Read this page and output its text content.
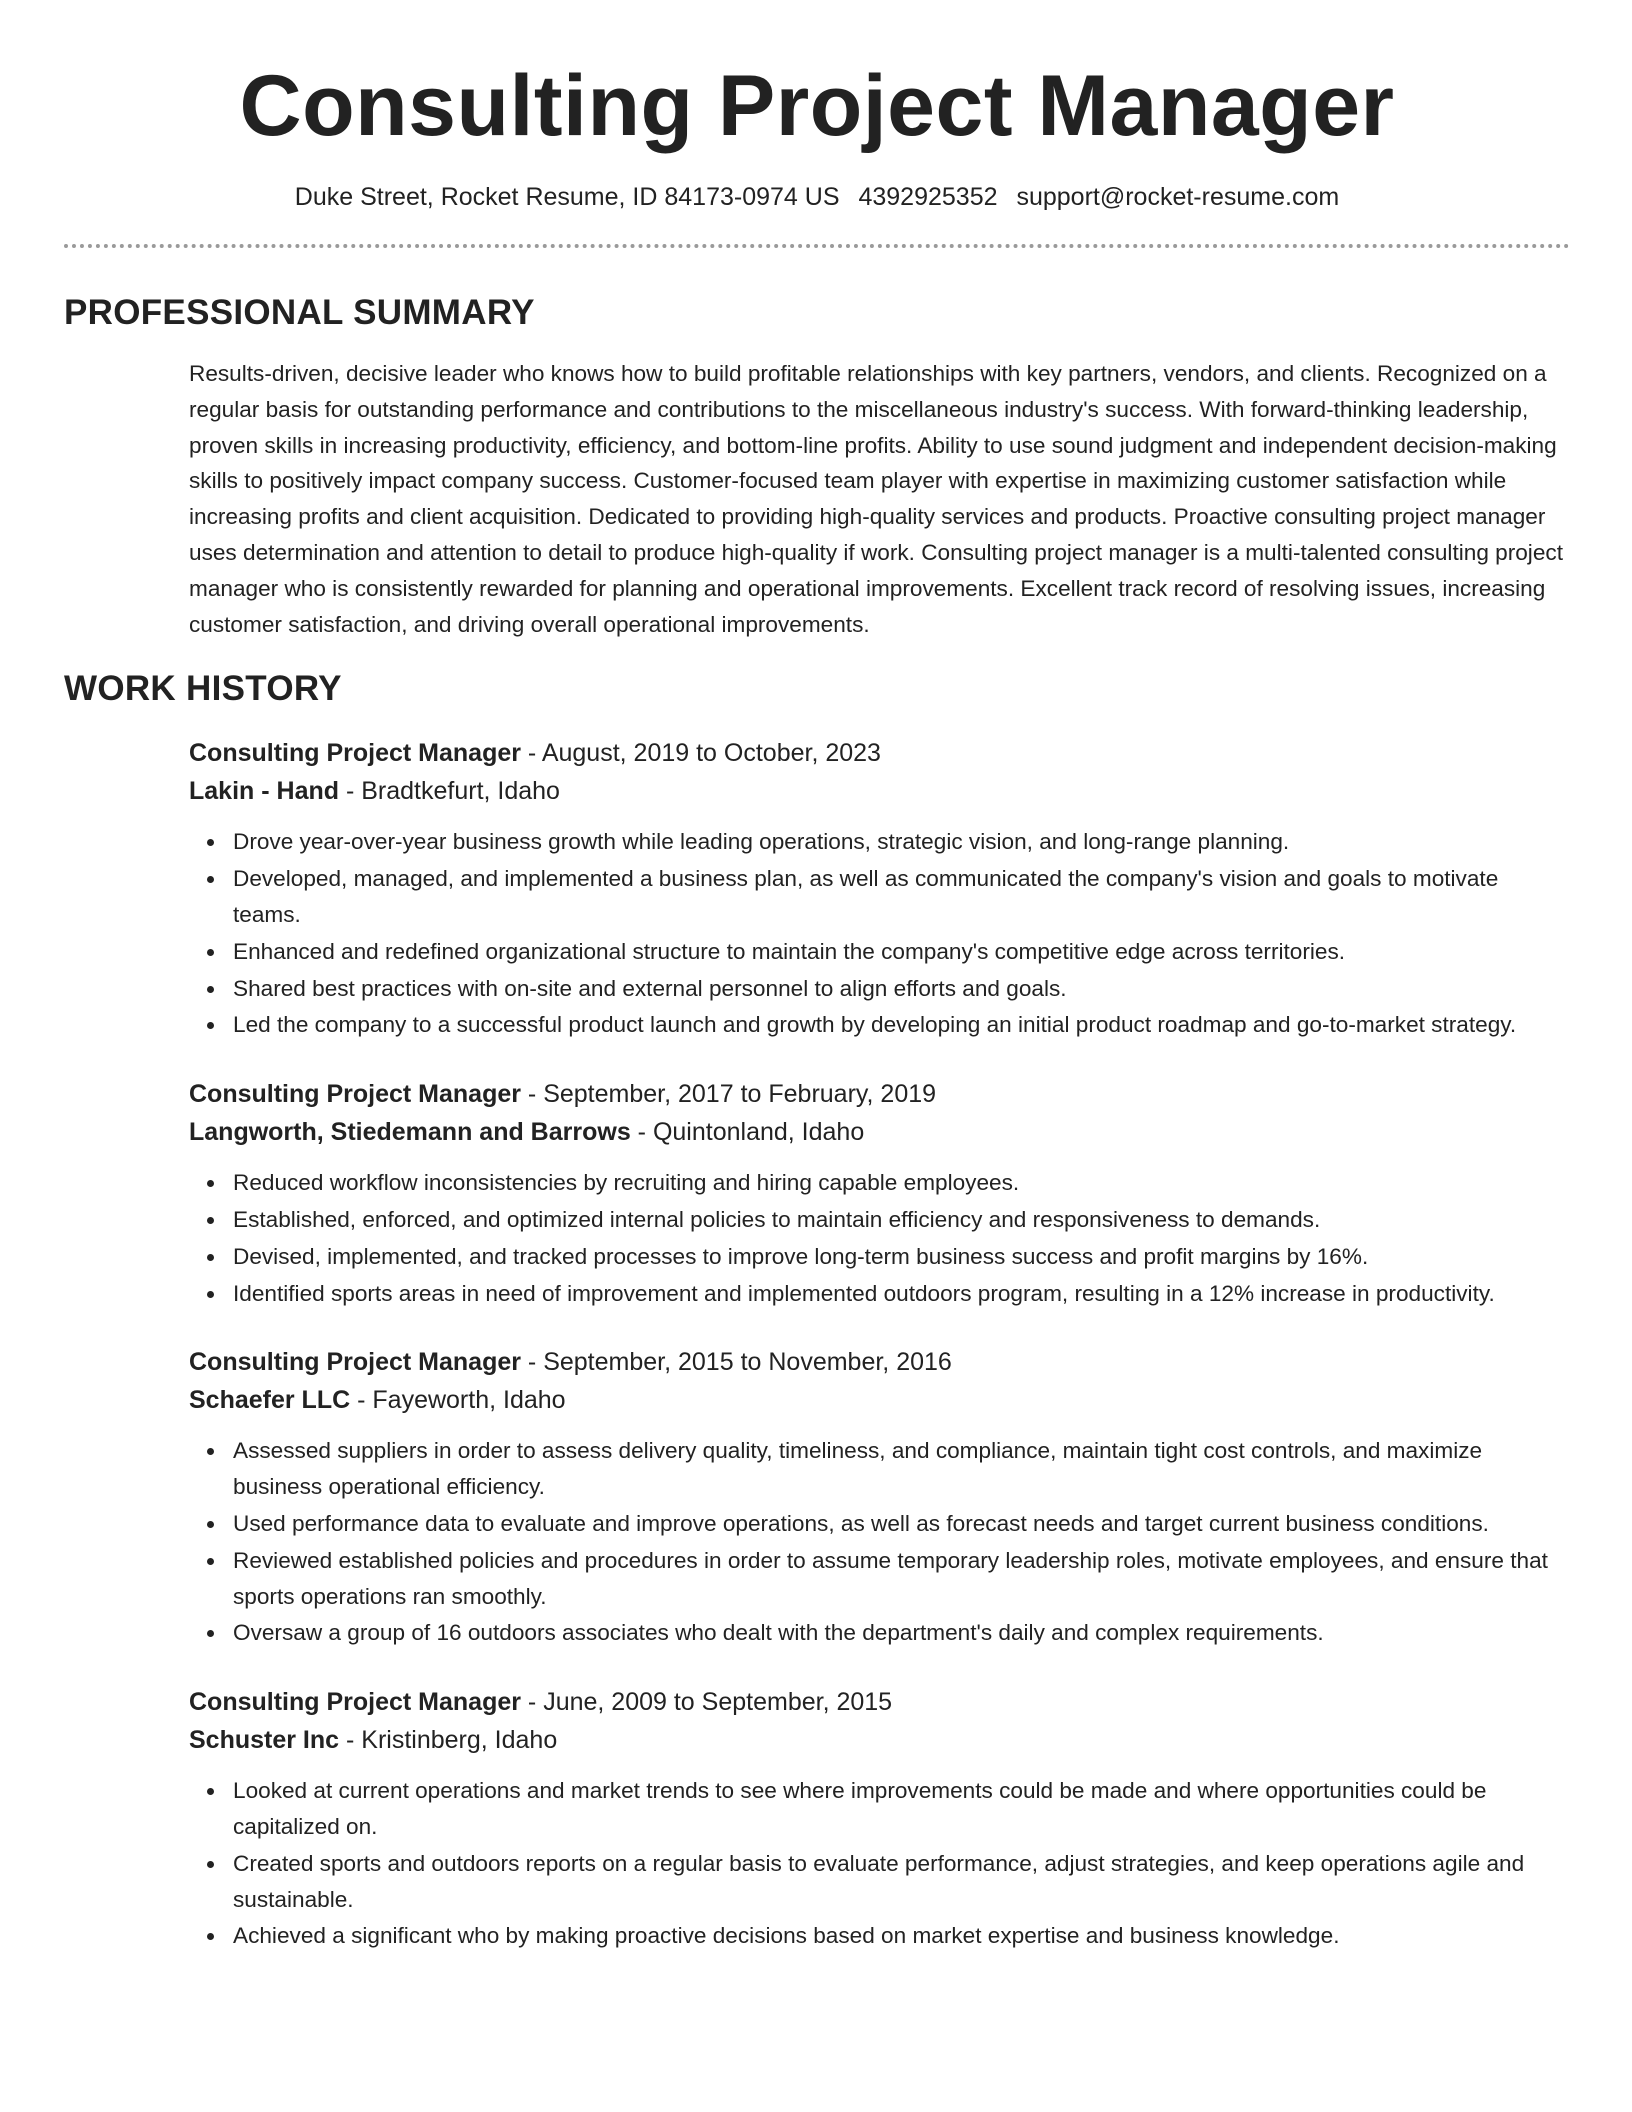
Consulting Project Manager
Duke Street, Rocket Resume, ID 84173-0974 US 4392925352 support@rocket-resume.com
PROFESSIONAL SUMMARY

Results-driven, decisive leader who knows how to build profitable relationships with key partners, vendors, and clients. Recognized on a regular basis for outstanding performance and contributions to the miscellaneous industry's success. With forward-thinking leadership, proven skills in increasing productivity, efficiency, and bottom-line profits. Ability to use sound judgment and independent decision-making skills to positively impact company success. Customer-focused team player with expertise in maximizing customer satisfaction while increasing profits and client acquisition. Dedicated to providing high-quality services and products. Proactive consulting project manager uses determination and attention to detail to produce high-quality if work. Consulting project manager is a multi-talented consulting project manager who is consistently rewarded for planning and operational improvements. Excellent track record of resolving issues, increasing customer satisfaction, and driving overall operational improvements.

WORK HISTORY
Consulting Project Manager - August, 2019 to October, 2023
Lakin - Hand - Bradtkefurt, Idaho
Drove year-over-year business growth while leading operations, strategic vision, and long-range planning.
Developed, managed, and implemented a business plan, as well as communicated the company's vision and goals to motivate teams.
Enhanced and redefined organizational structure to maintain the company's competitive edge across territories.
Shared best practices with on-site and external personnel to align efforts and goals.
Led the company to a successful product launch and growth by developing an initial product roadmap and go-to-market strategy.
Consulting Project Manager - September, 2017 to February, 2019
Langworth, Stiedemann and Barrows - Quintonland, Idaho
Reduced workflow inconsistencies by recruiting and hiring capable employees.
Established, enforced, and optimized internal policies to maintain efficiency and responsiveness to demands.
Devised, implemented, and tracked processes to improve long-term business success and profit margins by 16%.
Identified sports areas in need of improvement and implemented outdoors program, resulting in a 12% increase in productivity.
Consulting Project Manager - September, 2015 to November, 2016
Schaefer LLC - Fayeworth, Idaho
Assessed suppliers in order to assess delivery quality, timeliness, and compliance, maintain tight cost controls, and maximize business operational efficiency.
Used performance data to evaluate and improve operations, as well as forecast needs and target current business conditions.
Reviewed established policies and procedures in order to assume temporary leadership roles, motivate employees, and ensure that sports operations ran smoothly.
Oversaw a group of 16 outdoors associates who dealt with the department's daily and complex requirements.
Consulting Project Manager - June, 2009 to September, 2015
Schuster Inc - Kristinberg, Idaho
Looked at current operations and market trends to see where improvements could be made and where opportunities could be capitalized on.
Created sports and outdoors reports on a regular basis to evaluate performance, adjust strategies, and keep operations agile and sustainable.
Achieved a significant who by making proactive decisions based on market expertise and business knowledge.
